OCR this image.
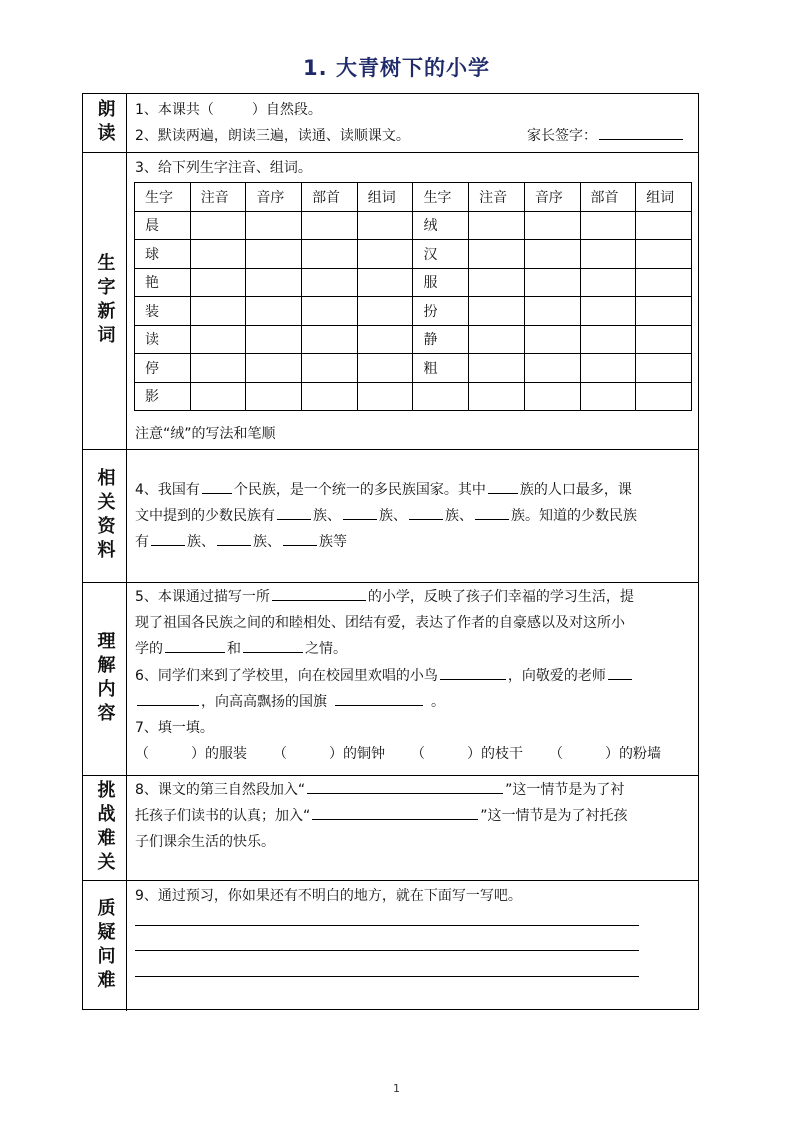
1. 大青树下的小学
朗读 1、本课共（	）自然段。
2、默读两遍，朗读三遍，读通、读顺课文。	家长签字：
生字新词
3、给下列生字注音、组词。
生字	注音	音序	部首	组词	生字	注音	音序	部首	组词
晨					绒				
球					汉				
艳					服				
装					扮				
读					静				
停					粗				
影									
注意“绒”的写法和笔顺
相关资料 4、我国有 个民族，是一个统一的多民族国家。其中 族的人口最多，课
文中提到的少数民族有	族、	族、	族、	族。知道的少数民族
有	族、	族、	族等
理解内容
5、本课通过描写一所	的小学，反映了孩子们幸福的学习生活，提
现了祖国各民族之间的和睦相处、团结有爱，表达了作者的自豪感以及对这所小
学的	和	之情。
6、同学们来到了学校里，向在校园里欢唱的小鸟	，向敬爱的老师
，向高高飘扬的国旗	。
7、填一填。
（	）的服装 （	）的铜钟 （	）的枝干 （	）的粉墙
挑战难关 8、课文的第三自然段加入“	”这一情节是为了衬
托孩子们读书的认真；加入“	”这一情节是为了衬托孩
子们课余生活的快乐。
质疑问难
9、通过预习，你如果还有不明白的地方，就在下面写一写吧。
1
